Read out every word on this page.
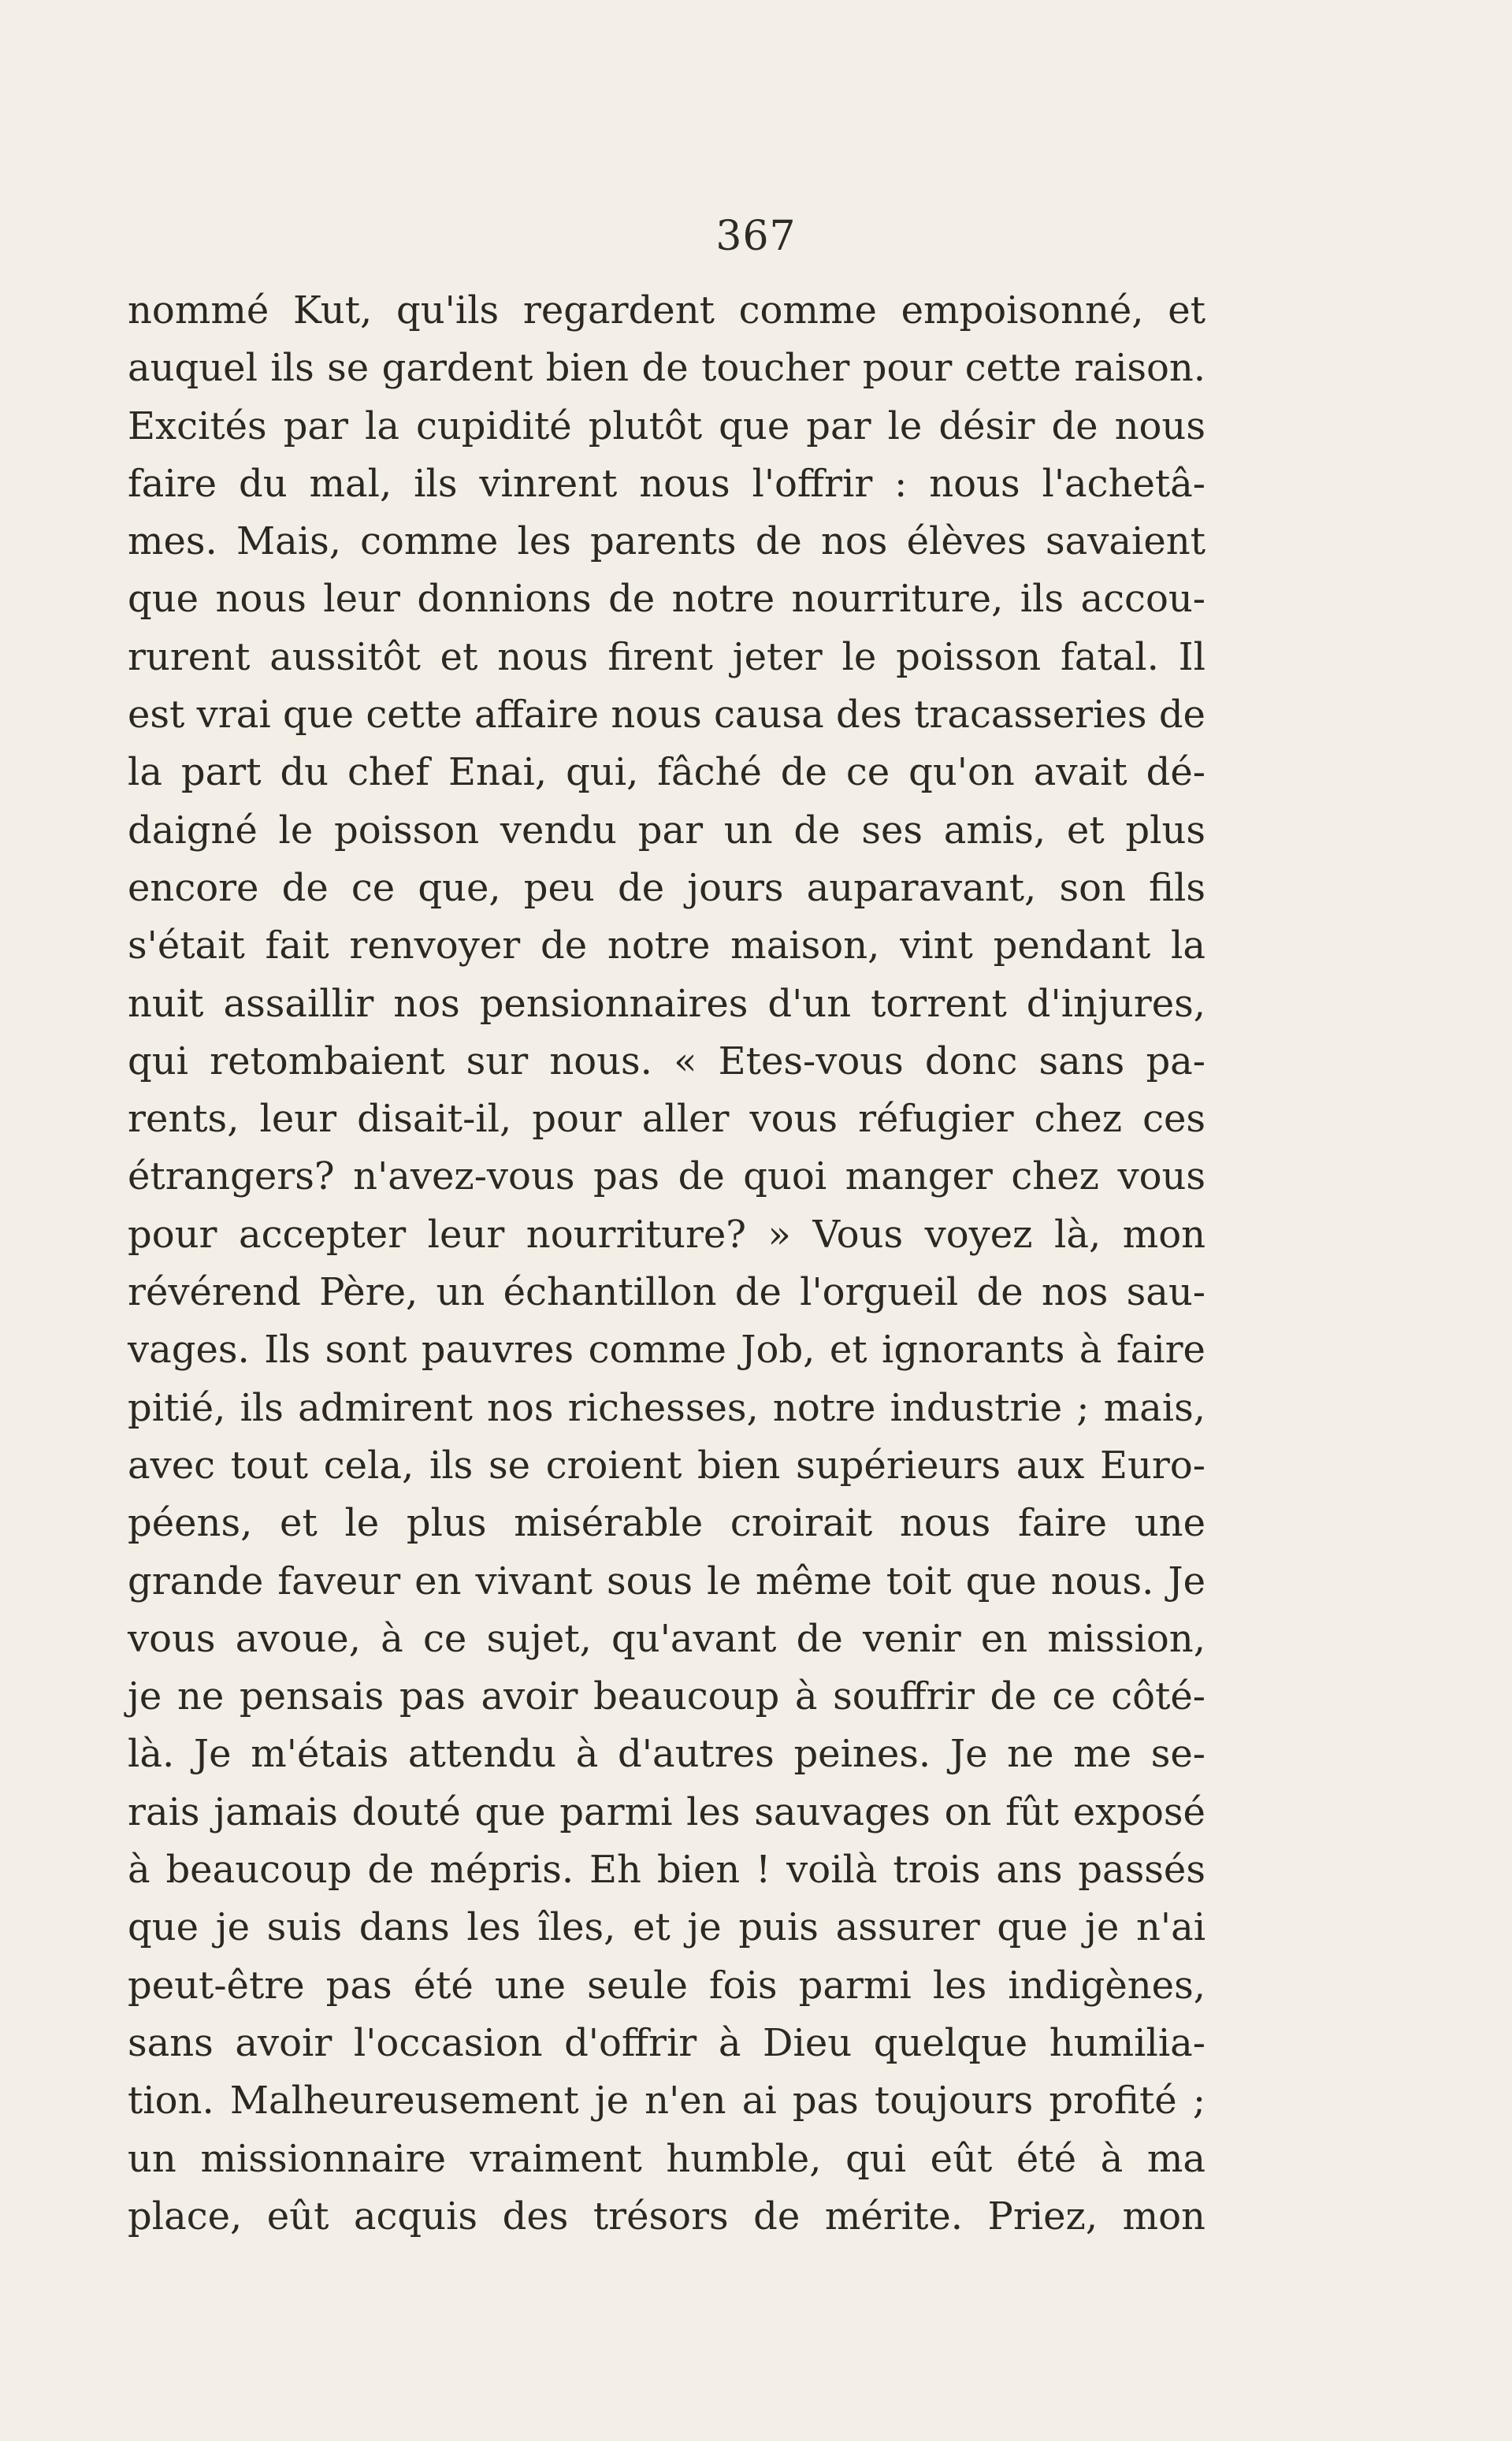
367
nommé Kut, qu'ils regardent comme empoisonné, et
auquel ils se gardent bien de toucher pour cette raison.
Excités par la cupidité plutôt que par le désir de nous
faire du mal, ils vinrent nous l'offrir : nous l'achetâ-
mes. Mais, comme les parents de nos élèves savaient
que nous leur donnions de notre nourriture, ils accou-
rurent aussitôt et nous firent jeter le poisson fatal. Il
est vrai que cette affaire nous causa des tracasseries de
la part du chef Enai, qui, fâché de ce qu'on avait dé-
daigné le poisson vendu par un de ses amis, et plus
encore de ce que, peu de jours auparavant, son fils
s'était fait renvoyer de notre maison, vint pendant la
nuit assaillir nos pensionnaires d'un torrent d'injures,
qui retombaient sur nous. « Etes-vous donc sans pa-
rents, leur disait-il, pour aller vous réfugier chez ces
étrangers? n'avez-vous pas de quoi manger chez vous
pour accepter leur nourriture? » Vous voyez là, mon
révérend Père, un échantillon de l'orgueil de nos sau-
vages. Ils sont pauvres comme Job, et ignorants à faire
pitié, ils admirent nos richesses, notre industrie ; mais,
avec tout cela, ils se croient bien supérieurs aux Euro-
péens, et le plus misérable croirait nous faire une
grande faveur en vivant sous le même toit que nous. Je
vous avoue, à ce sujet, qu'avant de venir en mission,
je ne pensais pas avoir beaucoup à souffrir de ce côté-
là. Je m'étais attendu à d'autres peines. Je ne me se-
rais jamais douté que parmi les sauvages on fût exposé
à beaucoup de mépris. Eh bien ! voilà trois ans passés
que je suis dans les îles, et je puis assurer que je n'ai
peut-être pas été une seule fois parmi les indigènes,
sans avoir l'occasion d'offrir à Dieu quelque humilia-
tion. Malheureusement je n'en ai pas toujours profité ;
un missionnaire vraiment humble, qui eût été à ma
place, eût acquis des trésors de mérite. Priez, mon
